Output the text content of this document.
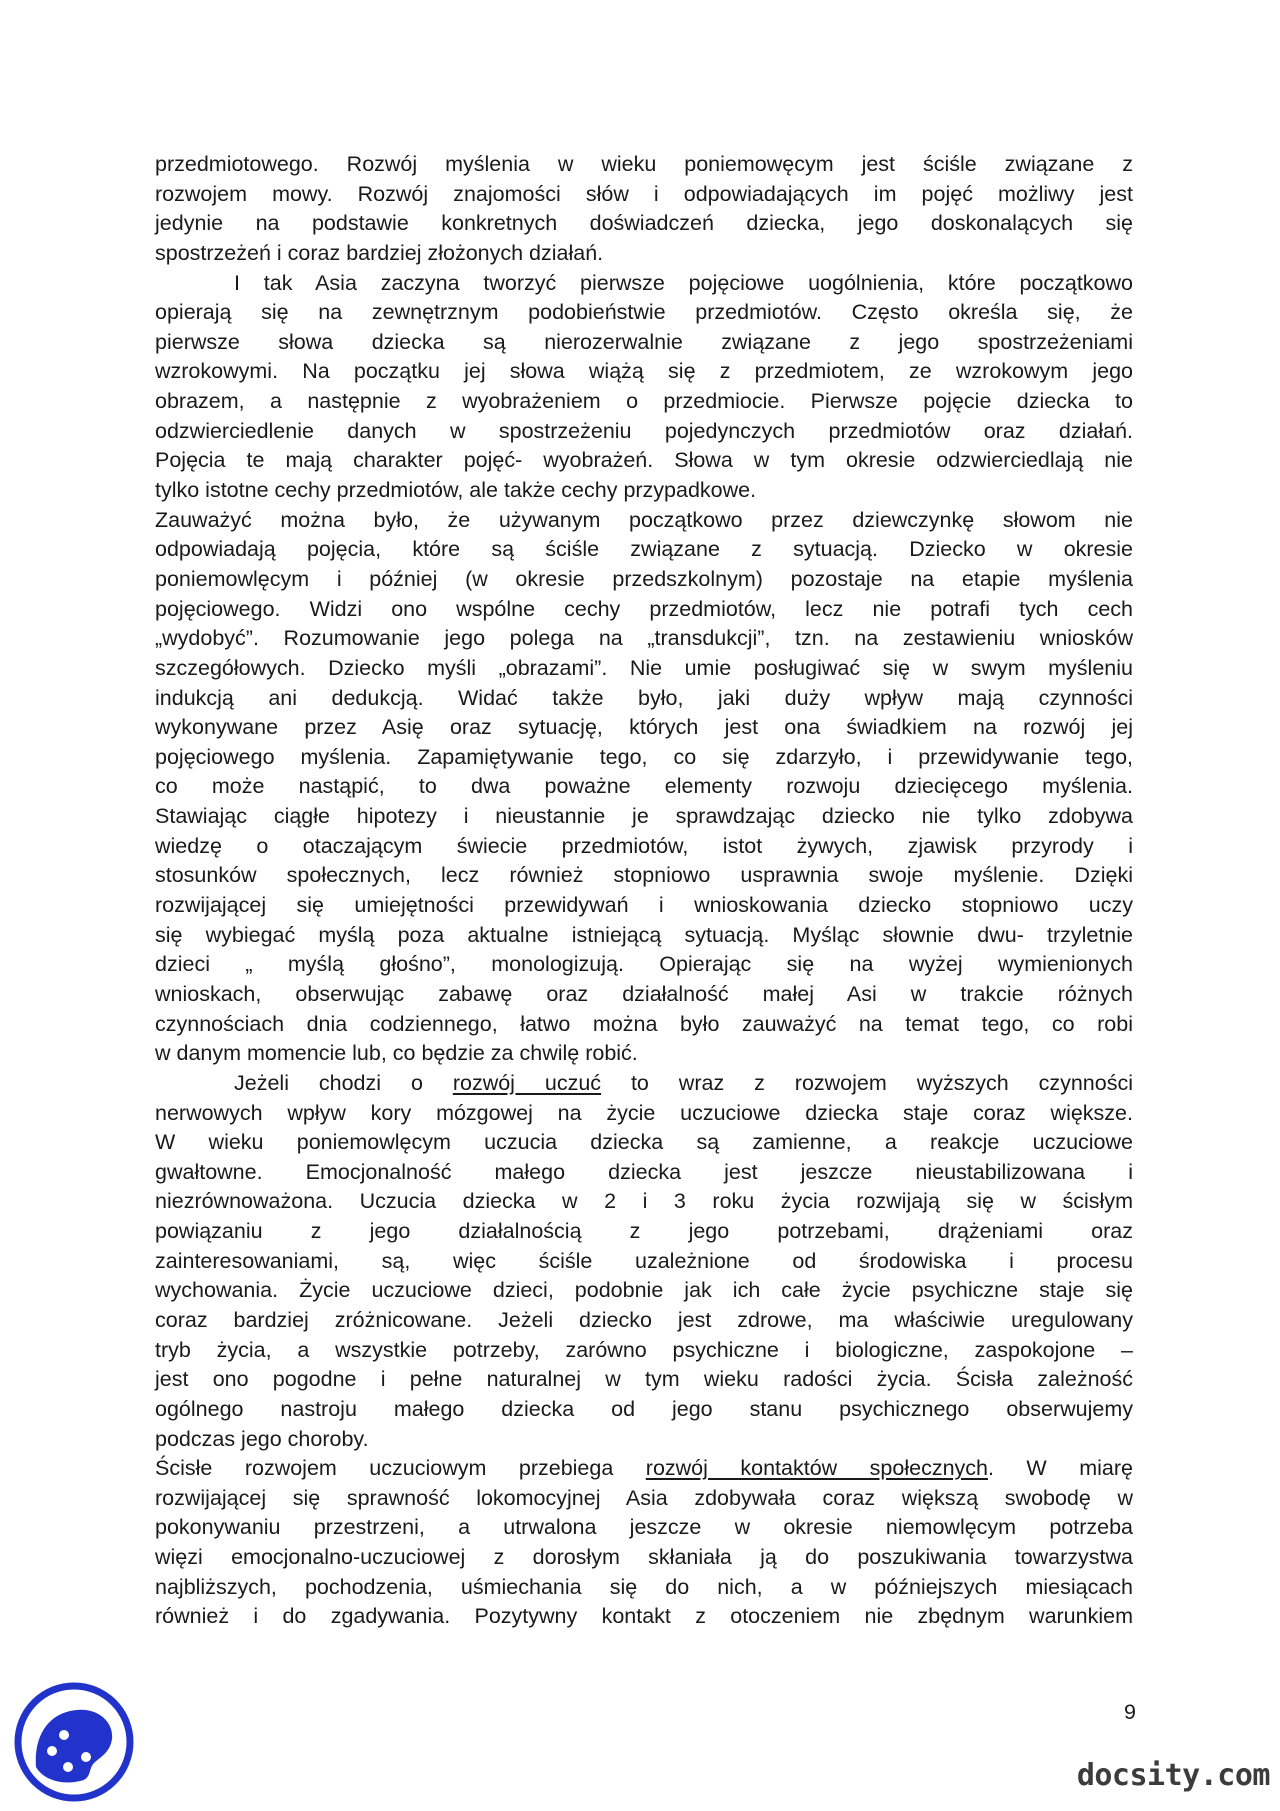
przedmiotowego. Rozwój myślenia w wieku poniemowęcym jest ściśle związane z
rozwojem mowy. Rozwój znajomości słów i odpowiadających im pojęć możliwy jest
jedynie na podstawie konkretnych doświadczeń dziecka, jego doskonalących się
spostrzeżeń i coraz bardziej złożonych działań.
I tak Asia zaczyna tworzyć pierwsze pojęciowe uogólnienia, które początkowo
opierają się na zewnętrznym podobieństwie przedmiotów. Często określa się, że
pierwsze słowa dziecka są nierozerwalnie związane z jego spostrzeżeniami
wzrokowymi. Na początku jej słowa wiążą się z przedmiotem, ze wzrokowym jego
obrazem, a następnie z wyobrażeniem o przedmiocie. Pierwsze pojęcie dziecka to
odzwierciedlenie danych w spostrzeżeniu pojedynczych przedmiotów oraz działań.
Pojęcia te mają charakter pojęć- wyobrażeń. Słowa w tym okresie odzwierciedlają nie
tylko istotne cechy przedmiotów, ale także cechy przypadkowe.
Zauważyć można było, że używanym początkowo przez dziewczynkę słowom nie
odpowiadają pojęcia, które są ściśle związane z sytuacją. Dziecko w okresie
poniemowlęcym i później (w okresie przedszkolnym) pozostaje na etapie myślenia
pojęciowego. Widzi ono wspólne cechy przedmiotów, lecz nie potrafi tych cech
„wydobyć”. Rozumowanie jego polega na „transdukcji”, tzn. na zestawieniu wniosków
szczegółowych. Dziecko myśli „obrazami”. Nie umie posługiwać się w swym myśleniu
indukcją ani dedukcją. Widać także było, jaki duży wpływ mają czynności
wykonywane przez Asię oraz sytuację, których jest ona świadkiem na rozwój jej
pojęciowego myślenia. Zapamiętywanie tego, co się zdarzyło, i przewidywanie tego,
co może nastąpić, to dwa poważne elementy rozwoju dziecięcego myślenia.
Stawiając ciągłe hipotezy i nieustannie je sprawdzając dziecko nie tylko zdobywa
wiedzę o otaczającym świecie przedmiotów, istot żywych, zjawisk przyrody i
stosunków społecznych, lecz również stopniowo usprawnia swoje myślenie. Dzięki
rozwijającej się umiejętności przewidywań i wnioskowania dziecko stopniowo uczy
się wybiegać myślą poza aktualne istniejącą sytuacją. Myśląc słownie dwu- trzyletnie
dzieci „ myślą głośno”, monologizują. Opierając się na wyżej wymienionych
wnioskach, obserwując zabawę oraz działalność małej Asi w trakcie różnych
czynnościach dnia codziennego, łatwo można było zauważyć na temat tego, co robi
w danym momencie lub, co będzie za chwilę robić.
Jeżeli chodzi o rozwój uczuć to wraz z rozwojem wyższych czynności
nerwowych wpływ kory mózgowej na życie uczuciowe dziecka staje coraz większe.
W wieku poniemowlęcym uczucia dziecka są zamienne, a reakcje uczuciowe
gwałtowne. Emocjonalność małego dziecka jest jeszcze nieustabilizowana i
niezrównoważona. Uczucia dziecka w 2 i 3 roku życia rozwijają się w ścisłym
powiązaniu z jego działalnością z jego potrzebami, drążeniami oraz
zainteresowaniami, są, więc ściśle uzależnione od środowiska i procesu
wychowania. Życie uczuciowe dzieci, podobnie jak ich całe życie psychiczne staje się
coraz bardziej zróżnicowane. Jeżeli dziecko jest zdrowe, ma właściwie uregulowany
tryb życia, a wszystkie potrzeby, zarówno psychiczne i biologiczne, zaspokojone –
jest ono pogodne i pełne naturalnej w tym wieku radości życia. Ścisła zależność
ogólnego nastroju małego dziecka od jego stanu psychicznego obserwujemy
podczas jego choroby.
Ścisłe rozwojem uczuciowym przebiega rozwój kontaktów społecznych. W miarę
rozwijającej się sprawność lokomocyjnej Asia zdobywała coraz większą swobodę w
pokonywaniu przestrzeni, a utrwalona jeszcze w okresie niemowlęcym potrzeba
więzi emocjonalno-uczuciowej z dorosłym skłaniała ją do poszukiwania towarzystwa
najbliższych, pochodzenia, uśmiechania się do nich, a w późniejszych miesiącach
również i do zgadywania. Pozytywny kontakt z otoczeniem nie zbędnym warunkiem
9
docsity.com
